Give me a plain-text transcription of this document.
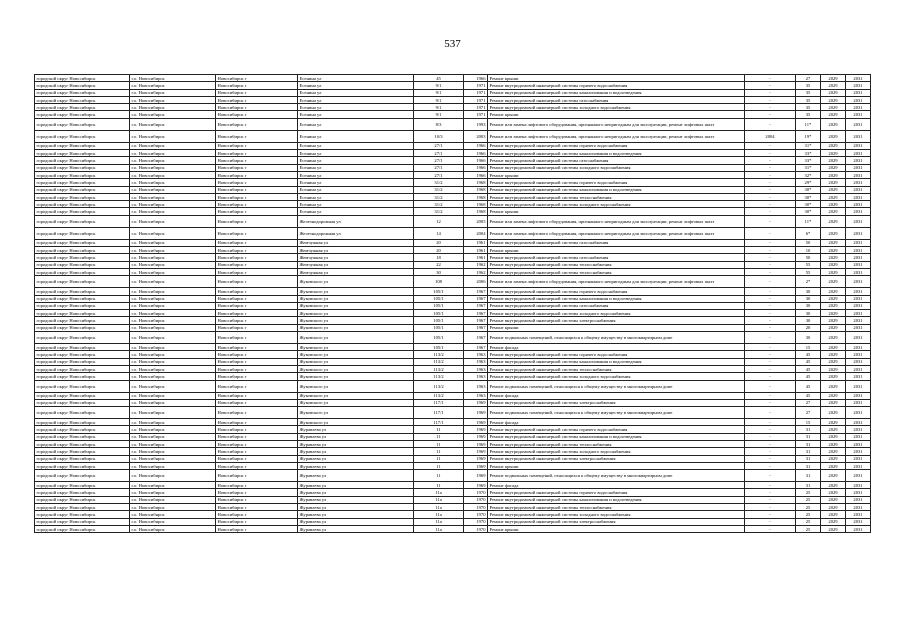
537
городской округ Новосибирск	г.о. Новосибирск	Новосибирск г	Есенина ул	45	1966	Ремонт крыши	-	27	2029	2031
городской округ Новосибирск	г.о. Новосибирск	Новосибирск г	Есенина ул	9/1	1971	Ремонт внутридомовой инженерной системы горячего водоснабжения	-	35	2029	2031
городской округ Новосибирск	г.о. Новосибирск	Новосибирск г	Есенина ул	9/1	1971	Ремонт внутридомовой инженерной системы канализования и водоотведения	-	35	2029	2031
городской округ Новосибирск	г.о. Новосибирск	Новосибирск г	Есенина ул	9/1	1971	Ремонт внутридомовой инженерной системы газоснабжения	-	35	2029	2031
городской округ Новосибирск	г.о. Новосибирск	Новосибирск г	Есенина ул	9/1	1971	Ремонт внутридомовой инженерной системы холодного водоснабжения	-	35	2029	2031
городской округ Новосибирск	г.о. Новосибирск	Новосибирск г	Есенина ул	9/1	1971	Ремонт крыши	-	35	2029	2031
городской округ Новосибирск	г.о. Новосибирск	Новосибирск г	Есенина ул	8/3	1993	Ремонт или замена лифтового оборудования, признанного непригодным для эксплуатации, ремонт лифтовых шахт	-	11*	2029	2031
городской округ Новосибирск	г.о. Новосибирск	Новосибирск г	Есенина ул	10/3	2003	Ремонт или замена лифтового оборудования, признанного непригодным для эксплуатации, ремонт лифтовых шахт	2004	19*	2029	2031
городской округ Новосибирск	г.о. Новосибирск	Новосибирск г	Есенина ул	27/1	1966	Ремонт внутридомовой инженерной системы горячего водоснабжения	-	31*	2029	2031
городской округ Новосибирск	г.о. Новосибирск	Новосибирск г	Есенина ул	27/1	1966	Ремонт внутридомовой инженерной системы канализования и водоотведения	-	33*	2029	2031
городской округ Новосибирск	г.о. Новосибирск	Новосибирск г	Есенина ул	27/1	1966	Ремонт внутридомовой инженерной системы газоснабжения	-	33*	2029	2031
городской округ Новосибирск	г.о. Новосибирск	Новосибирск г	Есенина ул	27/1	1966	Ремонт внутридомовой инженерной системы холодного водоснабжения	-	31*	2029	2031
городской округ Новосибирск	г.о. Новосибирск	Новосибирск г	Есенина ул	27/1	1966	Ремонт крыши	-	32*	2029	2031
городской округ Новосибирск	г.о. Новосибирск	Новосибирск г	Есенина ул	31/2	1968	Ремонт внутридомовой инженерной системы горячего водоснабжения	-	29*	2029	2031
городской округ Новосибирск	г.о. Новосибирск	Новосибирск г	Есенина ул	31/2	1968	Ремонт внутридомовой инженерной системы канализования и водоотведения	-	30*	2029	2031
городской округ Новосибирск	г.о. Новосибирск	Новосибирск г	Есенина ул	31/2	1968	Ремонт внутридомовой инженерной системы теплоснабжения	-	30*	2029	2031
городской округ Новосибирск	г.о. Новосибирск	Новосибирск г	Есенина ул	31/2	1968	Ремонт внутридомовой инженерной системы холодного водоснабжения	-	30*	2029	2031
городской округ Новосибирск	г.о. Новосибирск	Новосибирск г	Есенина ул	31/2	1968	Ремонт крыши	-	30*	2029	2031
городской округ Новосибирск	г.о. Новосибирск	Новосибирск г	Железнодорожная ул	12	2005	Ремонт или замена лифтового оборудования, признанного непригодным для эксплуатации, ремонт лифтовых шахт	-	11*	2029	2031
городской округ Новосибирск	г.о. Новосибирск	Новосибирск г	Железнодорожная ул	14	2004	Ремонт или замена лифтового оборудования, признанного непригодным для эксплуатации, ремонт лифтовых шахт	-	6*	2029	2031
городской округ Новосибирск	г.о. Новосибирск	Новосибирск г	Жемчужная ул	20	1961	Ремонт внутридомовой инженерной системы газоснабжения	-	50	2029	2031
городской округ Новосибирск	г.о. Новосибирск	Новосибирск г	Жемчужная ул	20	1961	Ремонт крыши	-	10	2029	2031
городской округ Новосибирск	г.о. Новосибирск	Новосибирск г	Жемчужная ул	18	1961	Ремонт внутридомовой инженерной системы газоснабжения	-	50	2029	2031
городской округ Новосибирск	г.о. Новосибирск	Новосибирск г	Жемчужная ул	22	1962	Ремонт внутридомовой инженерной системы теплоснабжения	-	55	2029	2031
городской округ Новосибирск	г.о. Новосибирск	Новосибирск г	Жемчужная ул	30	1962	Ремонт внутридомовой инженерной системы теплоснабжения	-	55	2029	2031
городской округ Новосибирск	г.о. Новосибирск	Новосибирск г	Жуковского ул	108	2006	Ремонт или замена лифтового оборудования, признанного непригодным для эксплуатации, ремонт лифтовых шахт	-	2*	2029	2031
городской округ Новосибирск	г.о. Новосибирск	Новосибирск г	Жуковского ул	105/1	1967	Ремонт внутридомовой инженерной системы горячего водоснабжения	-	30	2029	2031
городской округ Новосибирск	г.о. Новосибирск	Новосибирск г	Жуковского ул	105/1	1967	Ремонт внутридомовой инженерной системы канализования и водоотведения	-	30	2029	2031
городской округ Новосибирск	г.о. Новосибирск	Новосибирск г	Жуковского ул	105/1	1967	Ремонт внутридомовой инженерной системы газоснабжения	-	30	2029	2031
городской округ Новосибирск	г.о. Новосибирск	Новосибирск г	Жуковского ул	105/1	1967	Ремонт внутридомовой инженерной системы холодного водоснабжения	-	30	2029	2031
городской округ Новосибирск	г.о. Новосибирск	Новосибирск г	Жуковского ул	105/1	1967	Ремонт внутридомовой инженерной системы электроснабжения	-	30	2029	2031
городской округ Новосибирск	г.о. Новосибирск	Новосибирск г	Жуковского ул	105/1	1967	Ремонт крыши	-	20	2029	2031
городской округ Новосибирск	г.о. Новосибирск	Новосибирск г	Жуковского ул	105/1	1967	Ремонт подвальных помещений, относящихся к общему имуществу в многоквартирном доме	-	30	2029	2031
городской округ Новосибирск	г.о. Новосибирск	Новосибирск г	Жуковского ул	105/1	1967	Ремонт фасада	-	15	2029	2031
городской округ Новосибирск	г.о. Новосибирск	Новосибирск г	Жуковского ул	113/2	1963	Ремонт внутридомовой инженерной системы горячего водоснабжения	-	45	2029	2031
городской округ Новосибирск	г.о. Новосибирск	Новосибирск г	Жуковского ул	113/2	1963	Ремонт внутридомовой инженерной системы канализования и водоотведения	-	45	2029	2031
городской округ Новосибирск	г.о. Новосибирск	Новосибирск г	Жуковского ул	113/2	1963	Ремонт внутридомовой инженерной системы теплоснабжения	-	45	2029	2031
городской округ Новосибирск	г.о. Новосибирск	Новосибирск г	Жуковского ул	113/2	1963	Ремонт внутридомовой инженерной системы холодного водоснабжения	-	45	2029	2031
городской округ Новосибирск	г.о. Новосибирск	Новосибирск г	Жуковского ул	113/2	1963	Ремонт подвальных помещений, относящихся к общему имуществу в многоквартирном доме	-	45	2029	2031
городской округ Новосибирск	г.о. Новосибирск	Новосибирск г	Жуковского ул	113/2	1963	Ремонт фасада	-	45	2029	2031
городской округ Новосибирск	г.о. Новосибирск	Новосибирск г	Жуковского ул	117/1	1969	Ремонт внутридомовой инженерной системы электроснабжения	-	27	2029	2031
городской округ Новосибирск	г.о. Новосибирск	Новосибирск г	Жуковского ул	117/1	1969	Ремонт подвальных помещений, относящихся к общему имуществу в многоквартирном доме	-	27	2029	2031
городской округ Новосибирск	г.о. Новосибирск	Новосибирск г	Жуковского ул	117/1	1969	Ремонт фасада	-	15	2029	2031
городской округ Новосибирск	г.о. Новосибирск	Новосибирск г	Журавлева ул	11	1969	Ремонт внутридомовой инженерной системы горячего водоснабжения	-	31	2029	2031
городской округ Новосибирск	г.о. Новосибирск	Новосибирск г	Журавлева ул	11	1969	Ремонт внутридомовой инженерной системы канализования и водоотведения	-	31	2029	2031
городской округ Новосибирск	г.о. Новосибирск	Новосибирск г	Журавлева ул	11	1969	Ремонт внутридомовой инженерной системы теплоснабжения	-	31	2029	2031
городской округ Новосибирск	г.о. Новосибирск	Новосибирск г	Журавлева ул	11	1969	Ремонт внутридомовой инженерной системы холодного водоснабжения	-	31	2029	2031
городской округ Новосибирск	г.о. Новосибирск	Новосибирск г	Журавлева ул	11	1969	Ремонт внутридомовой инженерной системы электроснабжения	-	31	2029	2031
городской округ Новосибирск	г.о. Новосибирск	Новосибирск г	Журавлева ул	11	1969	Ремонт крыши	-	31	2029	2031
городской округ Новосибирск	г.о. Новосибирск	Новосибирск г	Журавлева ул	11	1969	Ремонт подвальных помещений, относящихся к общему имуществу в многоквартирном доме	-	31	2029	2031
городской округ Новосибирск	г.о. Новосибирск	Новосибирск г	Журавлева ул	11	1969	Ремонт фасада	-	31	2029	2031
городской округ Новосибирск	г.о. Новосибирск	Новосибирск г	Журавлева ул	11а	1970	Ремонт внутридомовой инженерной системы горячего водоснабжения	-	25	2029	2031
городской округ Новосибирск	г.о. Новосибирск	Новосибирск г	Журавлева ул	11а	1970	Ремонт внутридомовой инженерной системы канализования и водоотведения	-	25	2029	2031
городской округ Новосибирск	г.о. Новосибирск	Новосибирск г	Журавлева ул	11а	1970	Ремонт внутридомовой инженерной системы теплоснабжения	-	25	2029	2031
городской округ Новосибирск	г.о. Новосибирск	Новосибирск г	Журавлева ул	11а	1970	Ремонт внутридомовой инженерной системы холодного водоснабжения	-	25	2029	2031
городской округ Новосибирск	г.о. Новосибирск	Новосибирск г	Журавлева ул	11а	1970	Ремонт внутридомовой инженерной системы электроснабжения	-	25	2029	2031
городской округ Новосибирск	г.о. Новосибирск	Новосибирск г	Журавлева ул	11а	1970	Ремонт крыши	-	25	2029	2031
